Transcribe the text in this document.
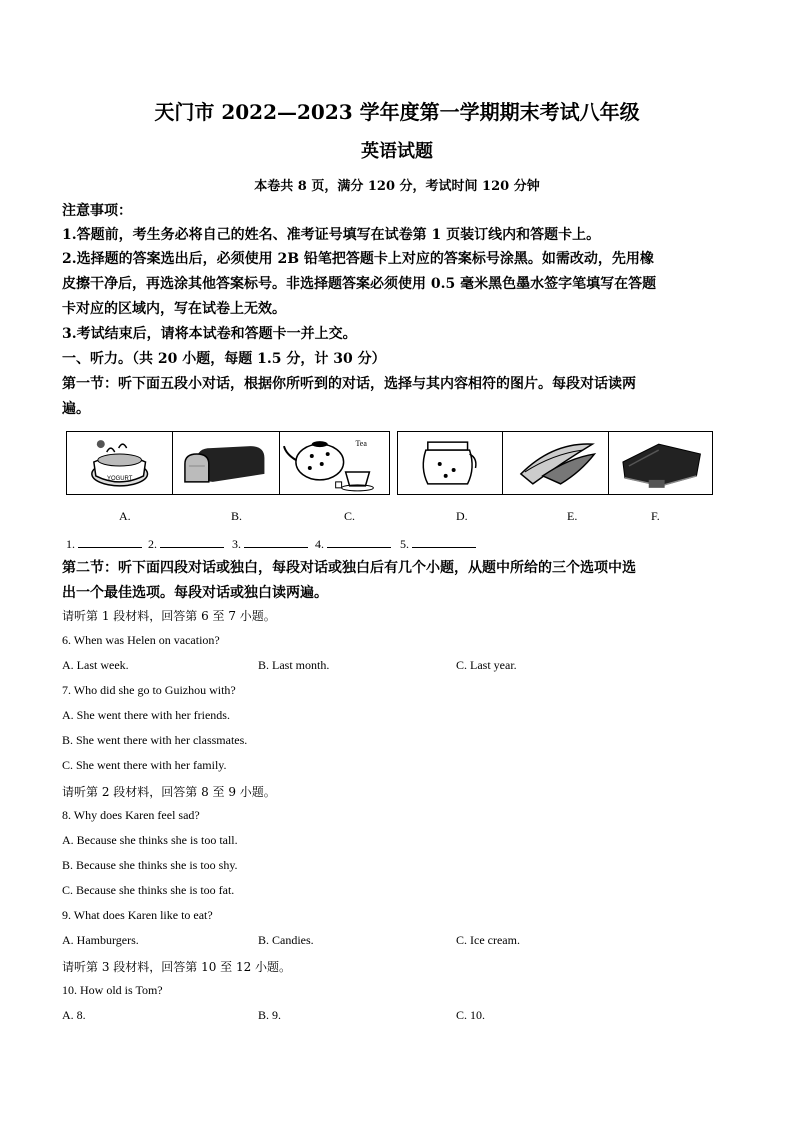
天门市 2022—2023 学年度第一学期期末考试八年级
英语试题
本卷共 8 页，满分 120 分，考试时间 120 分钟
注意事项：
1.答题前，考生务必将自己的姓名、准考证号填写在试卷第 1 页装订线内和答题卡上。
2.选择题的答案选出后，必须使用 2B 铅笔把答题卡上对应的答案标号涂黑。如需改动，先用橡
皮擦干净后，再选涂其他答案标号。非选择题答案必须使用 0.5 毫米黑色墨水签字笔填写在答题
卡对应的区域内，写在试卷上无效。
3.考试结束后，请将本试卷和答题卡一并上交。
一、听力。（共 20 小题，每题 1.5 分，计 30 分）
第一节：听下面五段小对话，根据你所听到的对话，选择与其内容相符的图片。每段对话读两
遍。
YOGURT
Tea
A.	B.	C.	D.	E.	F.
1.	2.	3.	4.	5.
第二节：听下面四段对话或独白，每段对话或独白后有几个小题，从题中所给的三个选项中选
出一个最佳选项。每段对话或独白读两遍。
请听第 1 段材料，回答第 6 至 7 小题。
6. When was Helen on vacation?
A. Last week.	B. Last month.	C. Last year.
7. Who did she go to Guizhou with?
A. She went there with her friends.
B. She went there with her classmates.
C. She went there with her family.
请听第 2 段材料，回答第 8 至 9 小题。
8. Why does Karen feel sad?
A. Because she thinks she is too tall.
B. Because she thinks she is too shy.
C. Because she thinks she is too fat.
9. What does Karen like to eat?
A. Hamburgers.	B. Candies.	C. Ice cream.
请听第 3 段材料，回答第 10 至 12 小题。
10. How old is Tom?
A. 8.	B. 9.	C. 10.
